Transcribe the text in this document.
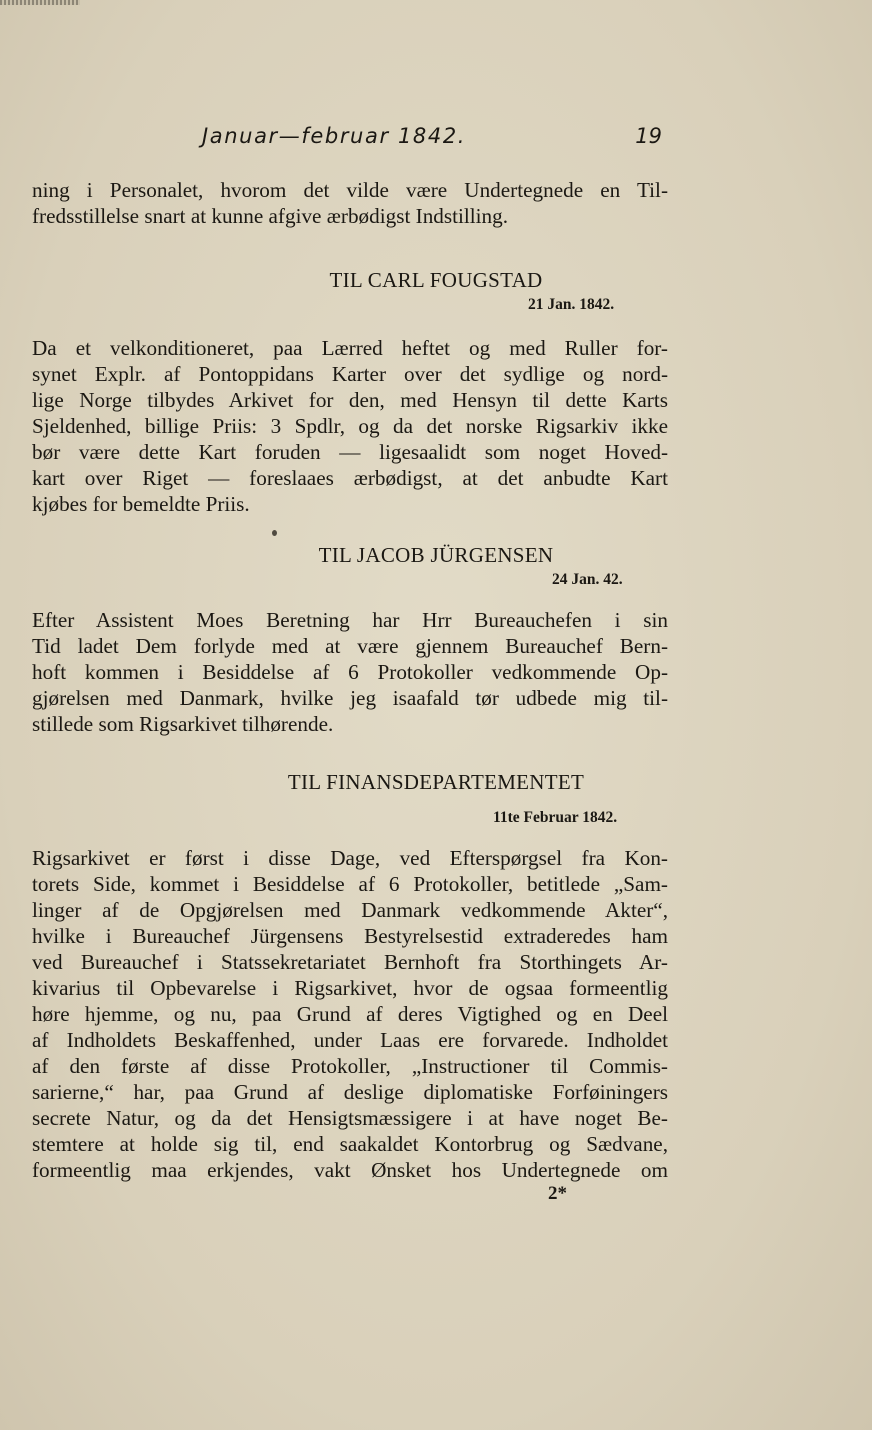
Januar—februar 1842.	19
ning i Personalet, hvorom det vilde være Undertegnede en Til-
fredsstillelse snart at kunne afgive ærbødigst Indstilling.
TIL CARL FOUGSTAD
21 Jan. 1842.
Da et velkonditioneret, paa Lærred heftet og med Ruller for-
synet Explr. af Pontoppidans Karter over det sydlige og nord-
lige Norge tilbydes Arkivet for den, med Hensyn til dette Karts
Sjeldenhed, billige Priis: 3 Spdlr, og da det norske Rigsarkiv ikke
bør være dette Kart foruden — ligesaalidt som noget Hoved-
kart over Riget — foreslaaes ærbødigst, at det anbudte Kart
kjøbes for bemeldte Priis.
TIL JACOB JÜRGENSEN
24 Jan. 42.
Efter Assistent Moes Beretning har Hrr Bureauchefen i sin
Tid ladet Dem forlyde med at være gjennem Bureauchef Bern-
hoft kommen i Besiddelse af 6 Protokoller vedkommende Op-
gjørelsen med Danmark, hvilke jeg isaafald tør udbede mig til-
stillede som Rigsarkivet tilhørende.
TIL FINANSDEPARTEMENTET
11te Februar 1842.
Rigsarkivet er først i disse Dage, ved Efterspørgsel fra Kon-
torets Side, kommet i Besiddelse af 6 Protokoller, betitlede „Sam-
linger af de Opgjørelsen med Danmark vedkommende Akter“,
hvilke i Bureauchef Jürgensens Bestyrelsestid extraderedes ham
ved Bureauchef i Statssekretariatet Bernhoft fra Storthingets Ar-
kivarius til Opbevarelse i Rigsarkivet, hvor de ogsaa formeentlig
høre hjemme, og nu, paa Grund af deres Vigtighed og en Deel
af Indholdets Beskaffenhed, under Laas ere forvarede. Indholdet
af den første af disse Protokoller, „Instructioner til Commis-
sarierne,“ har, paa Grund af deslige diplomatiske Forføiningers
secrete Natur, og da det Hensigtsmæssigere i at have noget Be-
stemtere at holde sig til, end saakaldet Kontorbrug og Sædvane,
formeentlig maa erkjendes, vakt Ønsket hos Undertegnede om
2*
